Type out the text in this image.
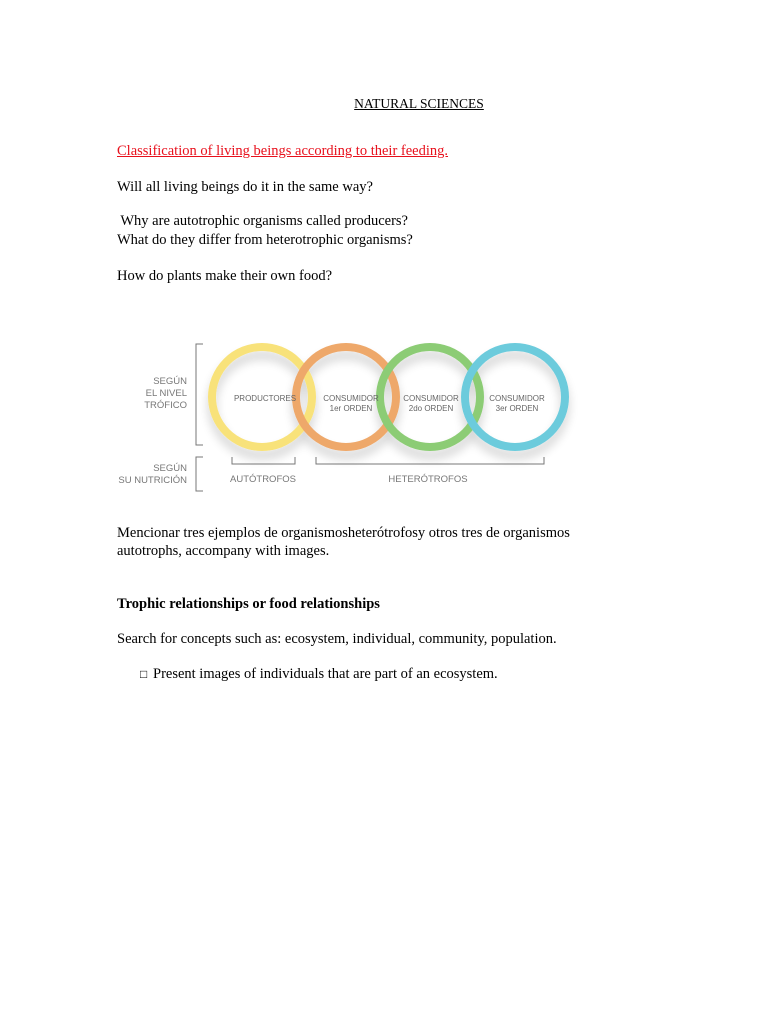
NATURAL SCIENCES
Classification of living beings according to their feeding.
Will all living beings do it in the same way?
Why are autotrophic organisms called producers?
What do they differ from heterotrophic organisms?
How do plants make their own food?
SEGÚN
EL NIVEL
TRÓFICO
SEGÚN
SU NUTRICIÓN
PRODUCTORES	CONSUMIDOR
1er ORDEN
CONSUMIDOR
2do ORDEN
CONSUMIDOR
3er ORDEN
AUTÓTROFOS	HETERÓTROFOS
Mencionar tres ejemplos de organismosheterótrofosy otros tres de organismos
autotrophs, accompany with images.
Trophic relationships or food relationships
Search for concepts such as: ecosystem, individual, community, population.
□ Present images of individuals that are part of an ecosystem.
